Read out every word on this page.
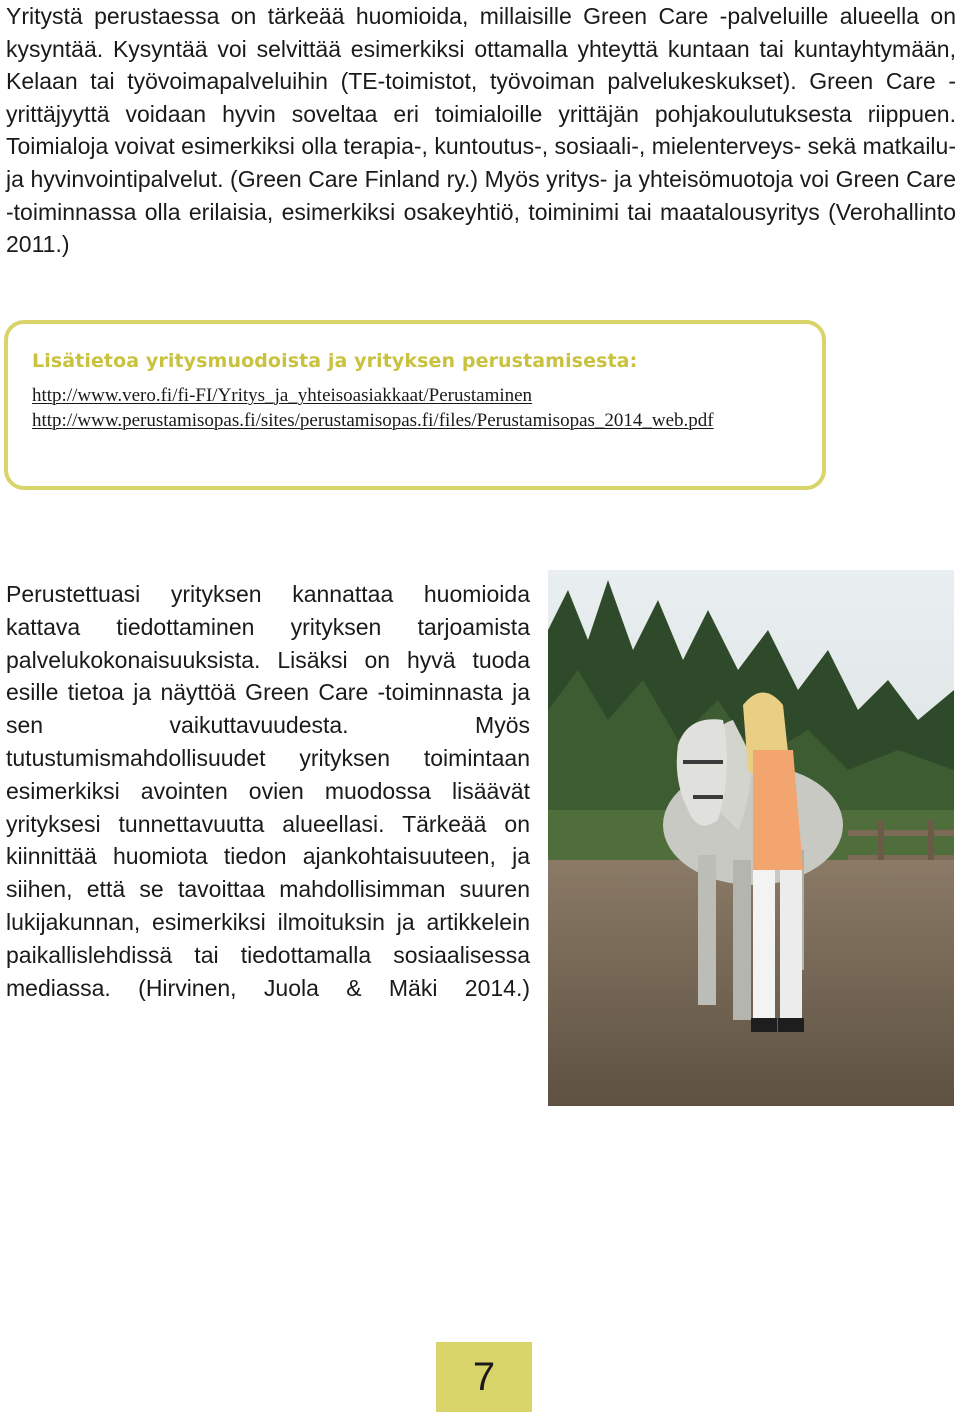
Yritystä perustaessa on tärkeää huomioida, millaisille Green Care -palveluille alueella on kysyntää. Kysyntää voi selvittää esimerkiksi ottamalla yhteyttä kuntaan tai kuntayhtymään, Kelaan tai työvoimapalveluihin (TE-toimistot, työvoiman palvelukeskukset). Green Care -yrittäjyyttä voidaan hyvin soveltaa eri toimialoille yrittäjän pohjakoulutuksesta riippuen. Toimialoja voivat esimerkiksi olla terapia-, kuntoutus-, sosiaali-, mielenterveys- sekä matkailu- ja hyvinvointipalvelut. (Green Care Finland ry.) Myös yritys- ja yhteisömuotoja voi Green Care -toiminnassa olla erilaisia, esimerkiksi osakeyhtiö, toiminimi tai maatalousyritys (Verohallinto 2011.)

Lisätietoa yritysmuodoista ja yrityksen perustamisesta:

http://www.vero.fi/fi-FI/Yritys_ja_yhteisoasiakkaat/Perustaminen
http://www.perustamisopas.fi/sites/perustamisopas.fi/files/Perustamisopas_2014_web.pdf

Perustettuasi yrityksen kannattaa huomioida kattava tiedottaminen yrityksen tarjoamista palvelukokonaisuuksista. Lisäksi on hyvä tuoda esille tietoa ja näyttöä Green Care -toiminnasta ja sen vaikuttavuudesta. Myös tutustumismahdollisuudet yrityksen toimintaan esimerkiksi avointen ovien muodossa lisäävät yrityksesi tunnettavuutta alueellasi. Tärkeää on kiinnittää huomiota tiedon ajankohtaisuuteen, ja siihen, että se tavoittaa mahdollisimman suuren lukijakunnan, esimerkiksi ilmoituksin ja artikkelein paikallislehdissä tai tiedottamalla sosiaalisessa mediassa. (Hirvinen, Juola & Mäki 2014.)

7
